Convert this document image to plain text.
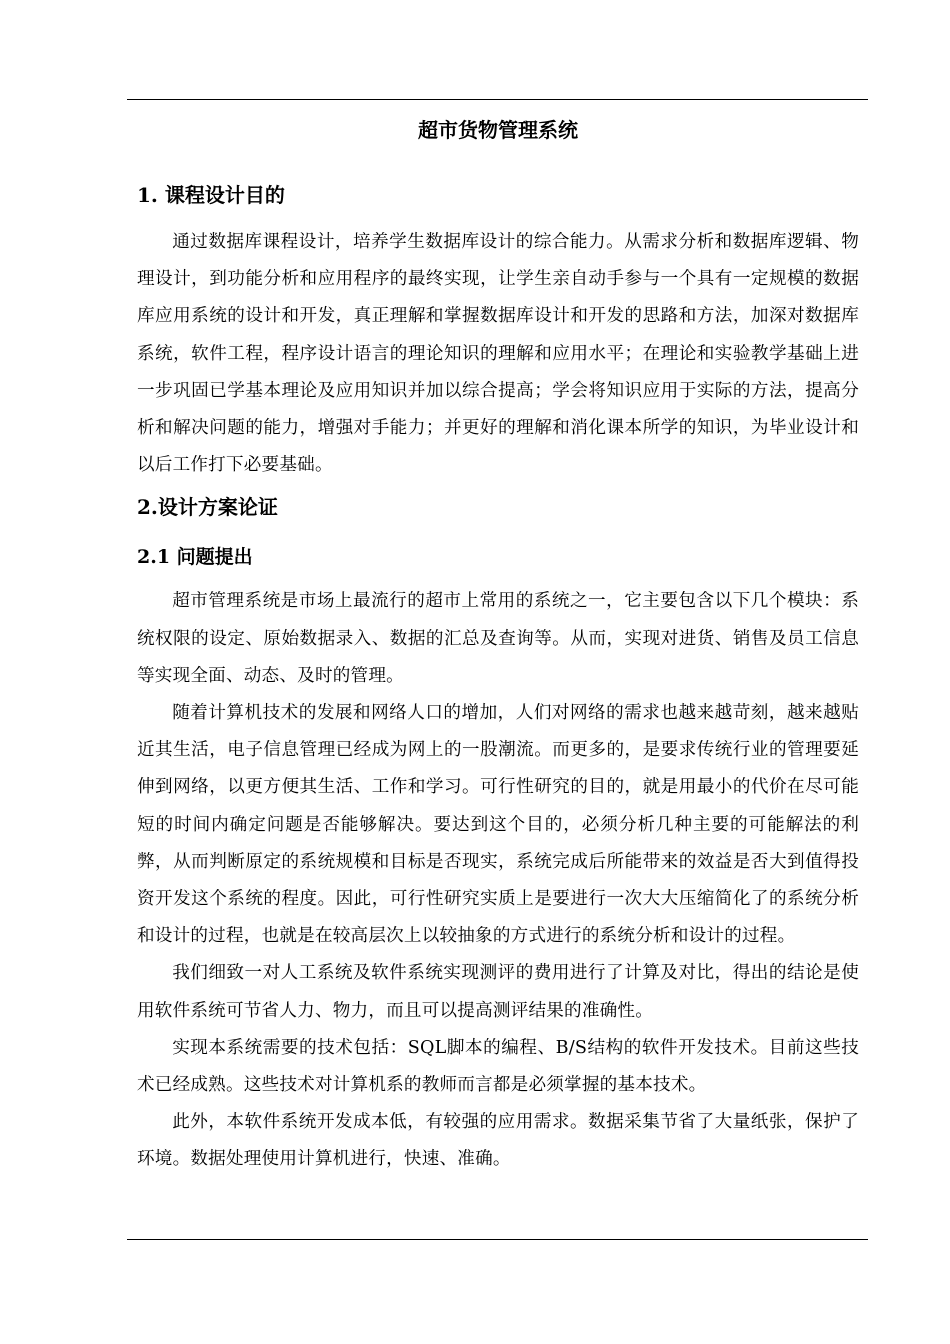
超市货物管理系统
1. 课程设计目的

通过数据库课程设计，培养学生数据库设计的综合能力。从需求分析和数据库逻辑、物理设计，到功能分析和应用程序的最终实现，让学生亲自动手参与一个具有一定规模的数据库应用系统的设计和开发，真正理解和掌握数据库设计和开发的思路和方法，加深对数据库系统，软件工程，程序设计语言的理论知识的理解和应用水平；在理论和实验教学基础上进一步巩固已学基本理论及应用知识并加以综合提高；学会将知识应用于实际的方法，提高分析和解决问题的能力，增强对手能力；并更好的理解和消化课本所学的知识，为毕业设计和以后工作打下必要基础。

2.设计方案论证
2.1 问题提出

超市管理系统是市场上最流行的超市上常用的系统之一，它主要包含以下几个模块：系统权限的设定、原始数据录入、数据的汇总及查询等。从而，实现对进货、销售及员工信息等实现全面、动态、及时的管理。

随着计算机技术的发展和网络人口的增加，人们对网络的需求也越来越苛刻，越来越贴近其生活，电子信息管理已经成为网上的一股潮流。而更多的，是要求传统行业的管理要延伸到网络，以更方便其生活、工作和学习。可行性研究的目的，就是用最小的代价在尽可能短的时间内确定问题是否能够解决。要达到这个目的，必须分析几种主要的可能解法的利弊，从而判断原定的系统规模和目标是否现实，系统完成后所能带来的效益是否大到值得投资开发这个系统的程度。因此，可行性研究实质上是要进行一次大大压缩简化了的系统分析和设计的过程，也就是在较高层次上以较抽象的方式进行的系统分析和设计的过程。

我们细致一对人工系统及软件系统实现测评的费用进行了计算及对比，得出的结论是使用软件系统可节省人力、物力，而且可以提高测评结果的准确性。

实现本系统需要的技术包括：SQL脚本的编程、B/S结构的软件开发技术。目前这些技术已经成熟。这些技术对计算机系的教师而言都是必须掌握的基本技术。

此外，本软件系统开发成本低，有较强的应用需求。数据采集节省了大量纸张，保护了环境。数据处理使用计算机进行，快速、准确。
